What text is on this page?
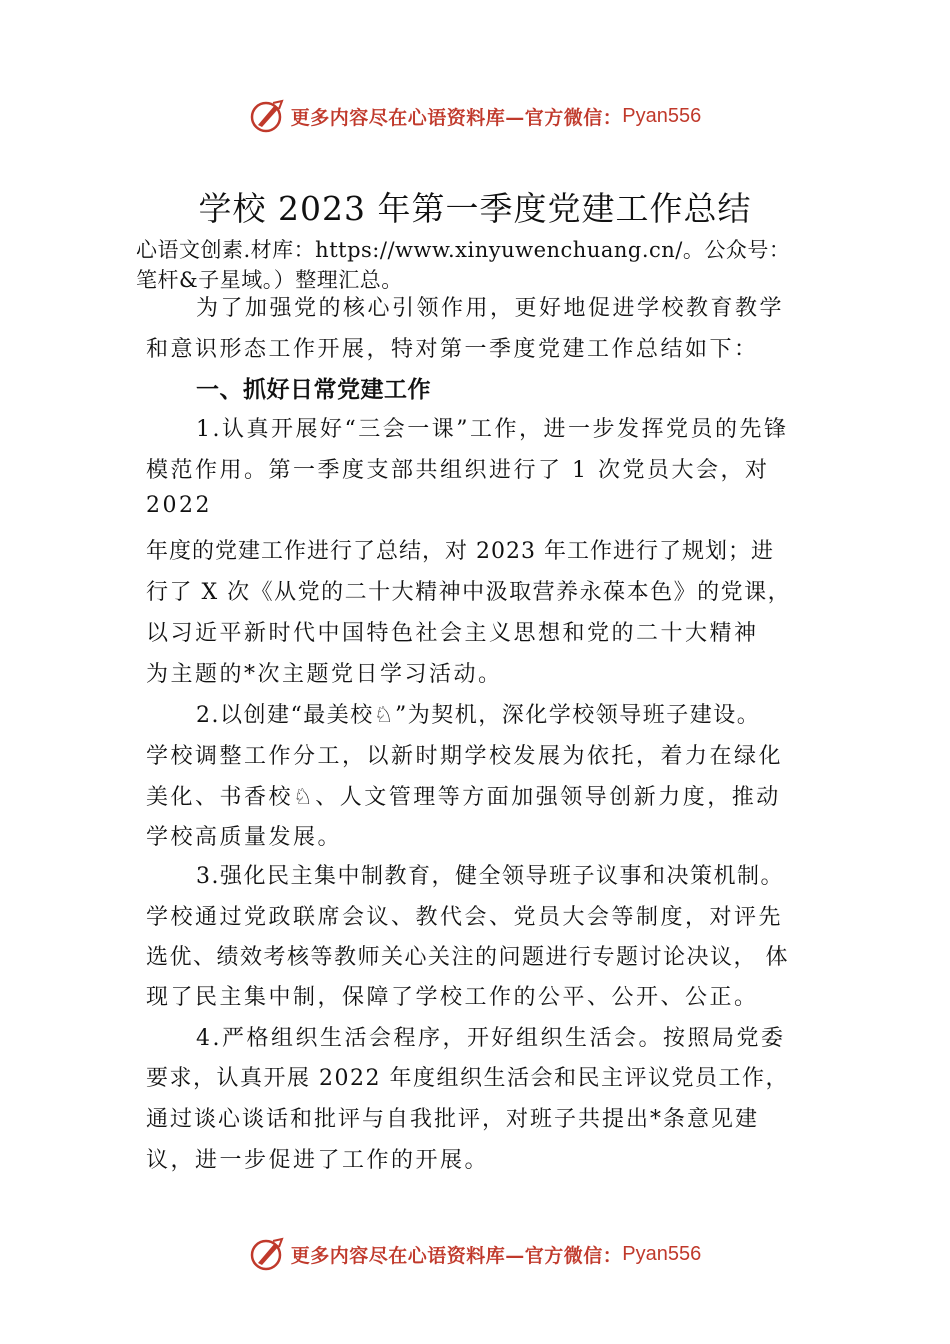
更多内容尽在心语资料库—官方微信： Pyan556
学校 2023 年第一季度党建工作总结
心语文创素.材库：https://www.xinyuwenchuang.cn/。公众号：
笔杆&子星域。）整理汇总。
为了加强党的核心引领作用，更好地促进学校教育教学
和意识形态工作开展，特对第一季度党建工作总结如下：
一、抓好日常党建工作
1.认真开展好“三会一课”工作，进一步发挥党员的先锋
模范作用。第一季度支部共组织进行了 1 次党员大会，对
2022
年度的党建工作进行了总结，对 2023 年工作进行了规划；进
行了 X 次《从党的二十大精神中汲取营养永葆本色》的党课，
以习近平新时代中国特色社会主义思想和党的二十大精神
为主题的*次主题党日学习活动。
2.以创建“最美校♘”为契机，深化学校领导班子建设。
学校调整工作分工，以新时期学校发展为依托，着力在绿化
美化、书香校♘、人文管理等方面加强领导创新力度，推动
学校高质量发展。
3.强化民主集中制教育，健全领导班子议事和决策机制。
学校通过党政联席会议、教代会、党员大会等制度，对评先
选优、绩效考核等教师关心关注的问题进行专题讨论决议， 体
现了民主集中制，保障了学校工作的公平、公开、公正。
4.严格组织生活会程序，开好组织生活会。按照局党委
要求，认真开展 2022 年度组织生活会和民主评议党员工作，
通过谈心谈话和批评与自我批评，对班子共提出*条意见建
议，进一步促进了工作的开展。
更多内容尽在心语资料库—官方微信： Pyan556
